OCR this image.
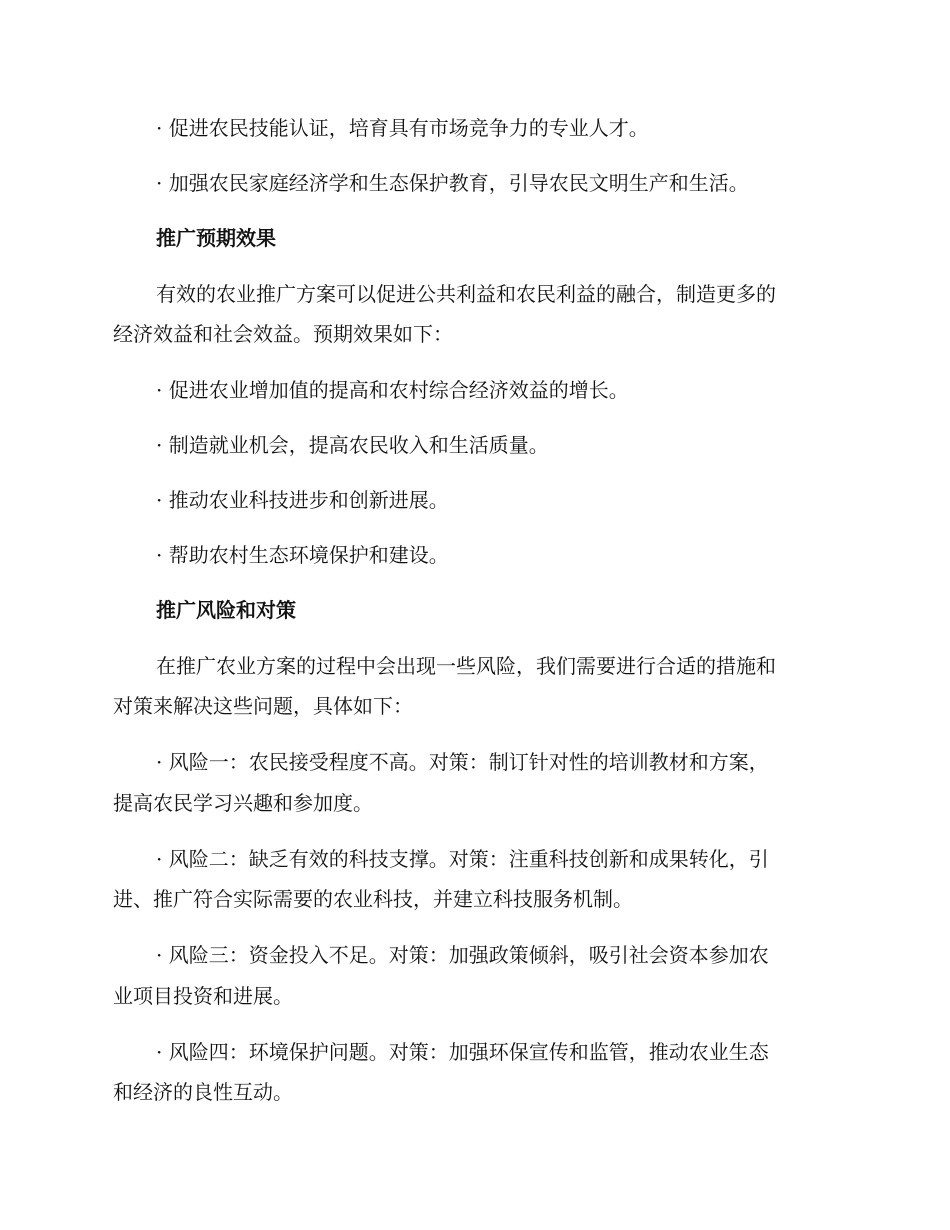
· 促进农民技能认证，培育具有市场竞争力的专业人才。
· 加强农民家庭经济学和生态保护教育，引导农民文明生产和生活。
推广预期效果
有效的农业推广方案可以促进公共利益和农民利益的融合，制造更多的
经济效益和社会效益。预期效果如下：
· 促进农业增加值的提高和农村综合经济效益的增长。
· 制造就业机会，提高农民收入和生活质量。
· 推动农业科技进步和创新进展。
· 帮助农村生态环境保护和建设。
推广风险和对策
在推广农业方案的过程中会出现一些风险，我们需要进行合适的措施和
对策来解决这些问题，具体如下：
· 风险一：农民接受程度不高。对策：制订针对性的培训教材和方案，
提高农民学习兴趣和参加度。
· 风险二：缺乏有效的科技支撑。对策：注重科技创新和成果转化，引
进、推广符合实际需要的农业科技，并建立科技服务机制。
· 风险三：资金投入不足。对策：加强政策倾斜，吸引社会资本参加农
业项目投资和进展。
· 风险四：环境保护问题。对策：加强环保宣传和监管，推动农业生态
和经济的良性互动。
